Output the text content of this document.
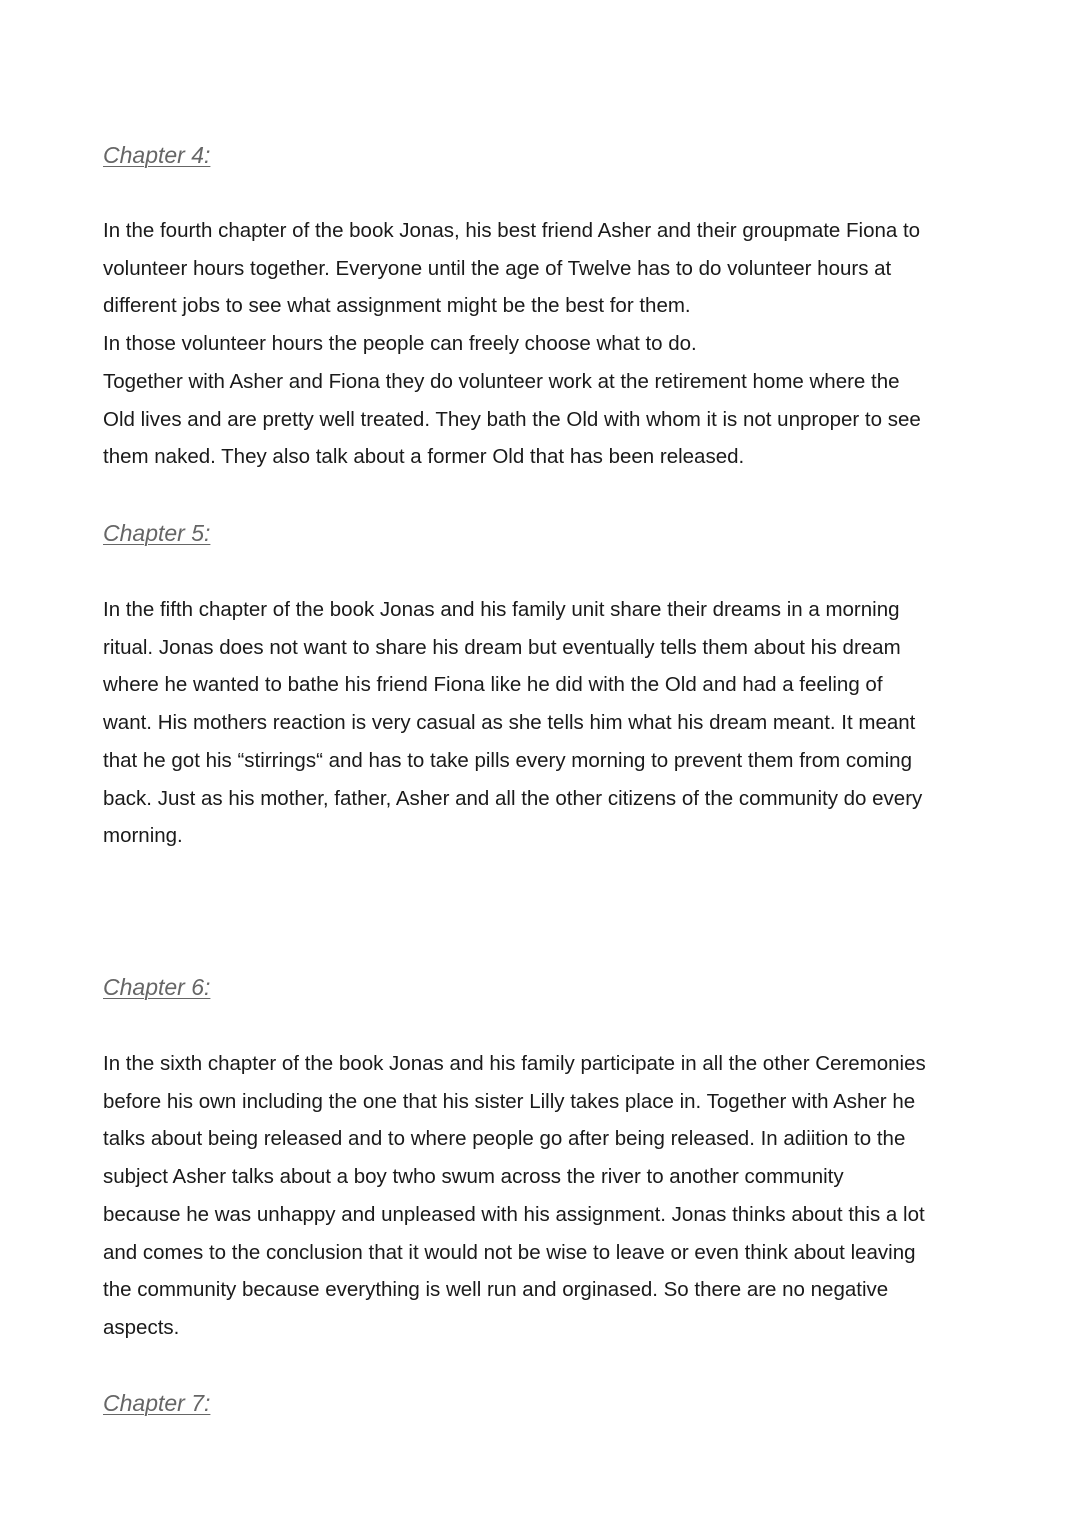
Chapter 4:
In the fourth chapter of the book Jonas, his best friend Asher and their groupmate Fiona to
volunteer hours together. Everyone until the age of Twelve has to do volunteer hours at
different jobs to see what assignment might be the best for them.
In those volunteer hours the people can freely choose what to do.
Together with Asher and Fiona they do volunteer work at the retirement home where the
Old lives and are pretty well treated. They bath the Old with whom it is not unproper to see
them naked. They also talk about a former Old that has been released.
Chapter 5:
In the fifth chapter of the book Jonas and his family unit share their dreams in a morning
ritual. Jonas does not want to share his dream but eventually tells them about his dream
where he wanted to bathe his friend Fiona like he did with the Old and had a feeling of
want. His mothers reaction is very casual as she tells him what his dream meant. It meant
that he got his “stirrings“ and has to take pills every morning to prevent them from coming
back. Just as his mother, father, Asher and all the other citizens of the community do every
morning.
Chapter 6:
In the sixth chapter of the book Jonas and his family participate in all the other Ceremonies
before his own including the one that his sister Lilly takes place in. Together with Asher he
talks about being released and to where people go after being released. In adiition to the
subject Asher talks about a boy twho swum across the river to another community
because he was unhappy and unpleased with his assignment. Jonas thinks about this a lot
and comes to the conclusion that it would not be wise to leave or even think about leaving
the community because everything is well run and orginased. So there are no negative
aspects.
Chapter 7:
